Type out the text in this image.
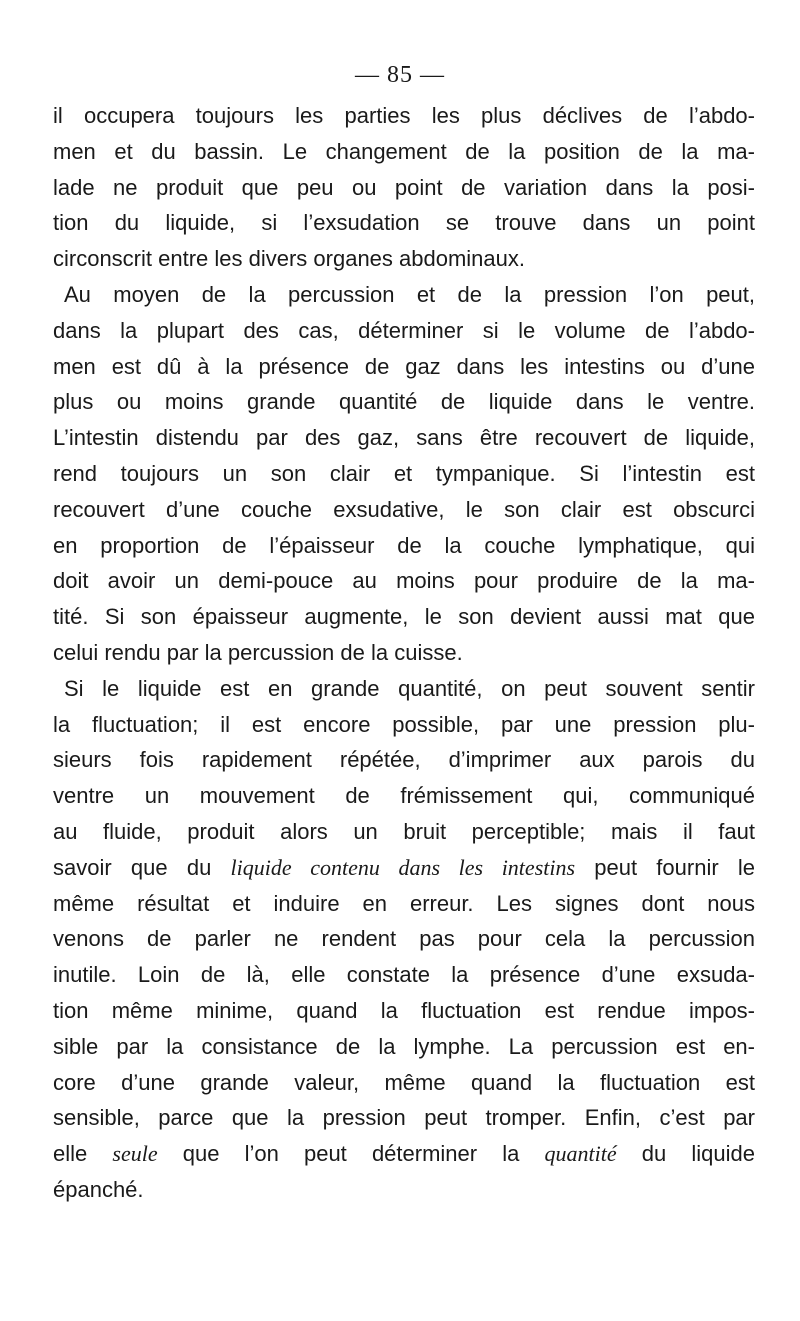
— 85 —
il occupera toujours les parties les plus déclives de l’abdo-
men et du bassin. Le changement de la position de la ma-
lade ne produit que peu ou point de variation dans la posi-
tion du liquide, si l’exsudation se trouve dans un point
circonscrit entre les divers organes abdominaux.
Au moyen de la percussion et de la pression l’on peut,
dans la plupart des cas, déterminer si le volume de l’abdo-
men est dû à la présence de gaz dans les intestins ou d’une
plus ou moins grande quantité de liquide dans le ventre.
L’intestin distendu par des gaz, sans être recouvert de liquide,
rend toujours un son clair et tympanique. Si l’intestin est
recouvert d’une couche exsudative, le son clair est obscurci
en proportion de l’épaisseur de la couche lymphatique, qui
doit avoir un demi-pouce au moins pour produire de la ma-
tité. Si son épaisseur augmente, le son devient aussi mat que
celui rendu par la percussion de la cuisse.
Si le liquide est en grande quantité, on peut souvent sentir
la fluctuation; il est encore possible, par une pression plu-
sieurs fois rapidement répétée, d’imprimer aux parois du
ventre un mouvement de frémissement qui, communiqué
au fluide, produit alors un bruit perceptible; mais il faut
savoir que du liquide contenu dans les intestins peut fournir le
même résultat et induire en erreur. Les signes dont nous
venons de parler ne rendent pas pour cela la percussion
inutile. Loin de là, elle constate la présence d’une exsuda-
tion même minime, quand la fluctuation est rendue impos-
sible par la consistance de la lymphe. La percussion est en-
core d’une grande valeur, même quand la fluctuation est
sensible, parce que la pression peut tromper. Enfin, c’est par
elle seule que l’on peut déterminer la quantité du liquide
épanché.
